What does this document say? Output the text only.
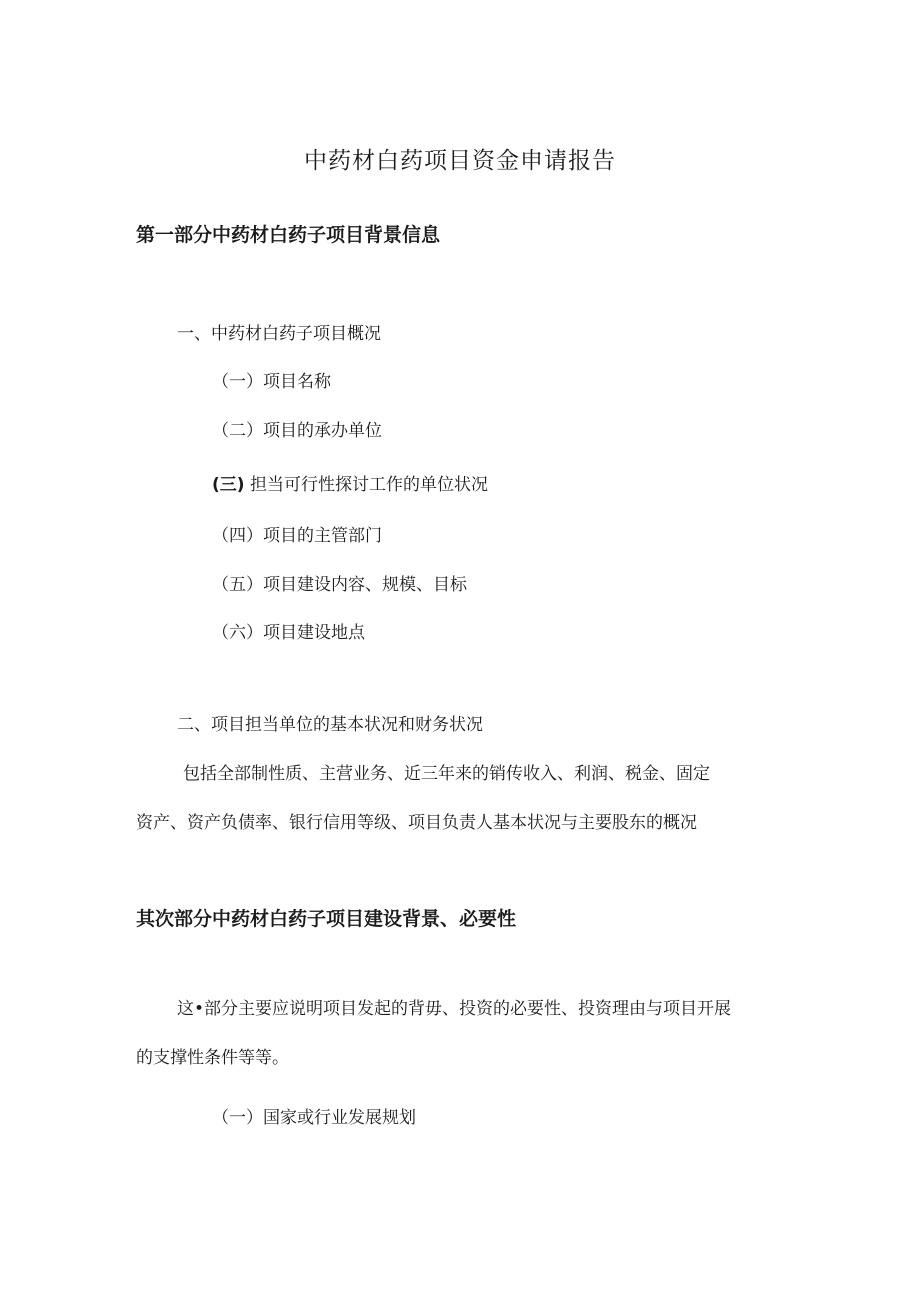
中药材白药项目资金申请报告
第一部分中药材白药子项目背景信息
一、中药材白药子项目概况
（一）项目名称
（二）项目的承办单位
(三) 担当可行性探讨工作的单位状况
（四）项目的主管部门
（五）项目建设内容、规模、目标
（六）项目建设地点
二、项目担当单位的基本状况和财务状况
包括全部制性质、主营业务、近三年来的销传收入、利润、税金、固定
资产、资产负债率、银行信用等级、项目负责人基本状况与主要股东的概况
其次部分中药材白药子项目建设背景、必要性
这•部分主要应说明项目发起的背毋、投资的必要性、投资理由与项目开展
的支撑性条件等等。
（一）国家或行业发展规划
